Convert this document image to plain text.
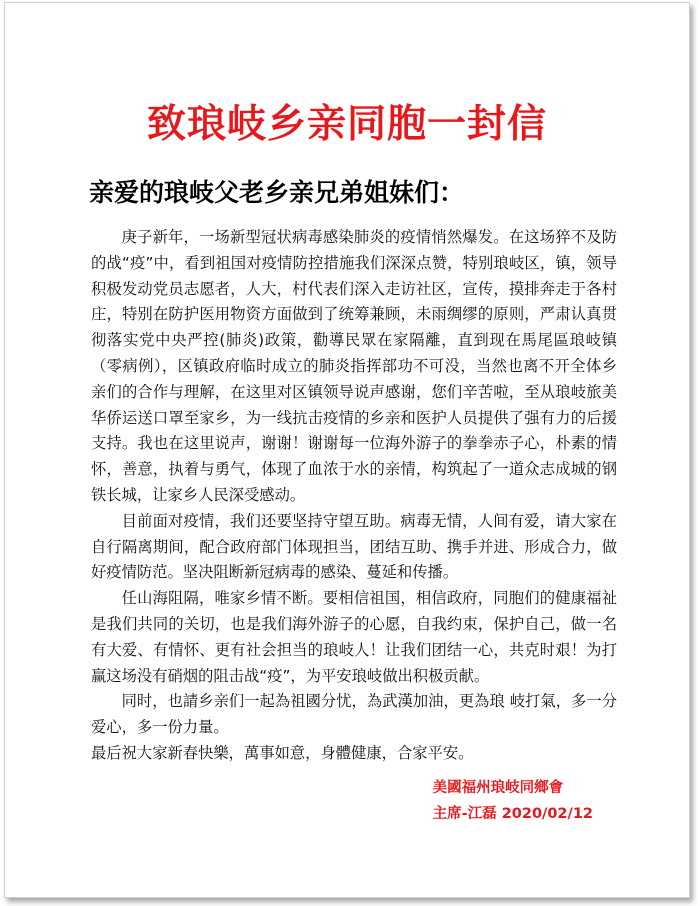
致琅岐乡亲同胞一封信
亲爱的琅岐父老乡亲兄弟姐妹们：

庚子新年，一场新型冠状病毒感染肺炎的疫情悄然爆发。在这场猝不及防的战“疫”中，看到祖国对疫情防控措施我们深深点赞，特别琅岐区，镇，领导积极发动党员志愿者，人大，村代表们深入走访社区，宣传，摸排奔走于各村庄，特别在防护医用物资方面做到了统筹兼顾，未雨绸缪的原则，严肃认真贯彻落实党中央严控(肺炎)政策，勸導民眾在家隔離，直到现在馬尾區琅岐镇（零病例），区镇政府临时成立的肺炎指挥部功不可没，当然也离不开全体乡亲们的合作与理解，在这里对区镇领导说声感谢，您们辛苦啦，至从琅岐旅美华侨运送口罩至家乡，为一线抗击疫情的乡亲和医护人员提供了强有力的后援支持。我也在这里说声，谢谢！谢谢每一位海外游子的拳拳赤子心，朴素的情怀，善意，执着与勇气，体现了血浓于水的亲情，构筑起了一道众志成城的钢铁长城，让家乡人民深受感动。

目前面对疫情，我们还要坚持守望互助。病毒无情，人间有爱，请大家在自行隔离期间，配合政府部门体现担当，团结互助、携手并进、形成合力，做好疫情防范。坚决阻断新冠病毒的感染、蔓延和传播。

任山海阻隔，唯家乡情不断。要相信祖国，相信政府，同胞们的健康福祉是我们共同的关切，也是我们海外游子的心愿，自我约束，保护自己，做一名有大爱、有情怀、更有社会担当的琅岐人！让我们团结一心，共克时艰！为打赢这场没有硝烟的阻击战“疫”，为平安琅岐做出积极贡献。

同时，也請乡亲们一起為祖國分忧，為武漢加油，更為琅 岐打氣，多一分爱心，多一份力量。

最后祝大家新春快樂，萬事如意，身體健康，合家平安。

美國福州琅岐同鄉會
主席-江磊 2020/02/12
